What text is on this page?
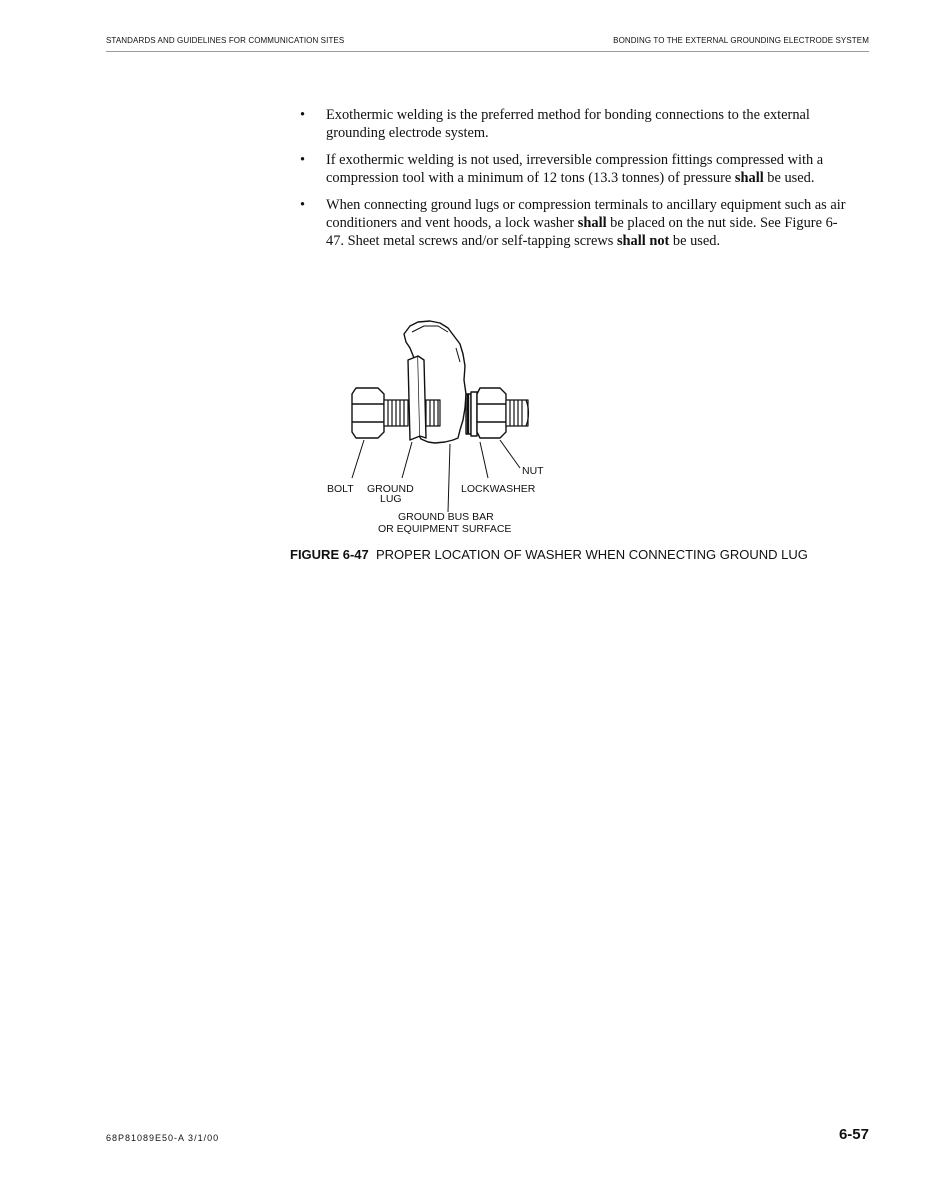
STANDARDS AND GUIDELINES FOR COMMUNICATION SITES	BONDING TO THE EXTERNAL GROUNDING ELECTRODE SYSTEM
• Exothermic welding is the preferred method for bonding connections to the external grounding electrode system.
• If exothermic welding is not used, irreversible compression fittings compressed with a compression tool with a minimum of 12 tons (13.3 tonnes) of pressure shall be used.
• When connecting ground lugs or compression terminals to ancillary equipment such as air conditioners and vent hoods, a lock washer shall be placed on the nut side. See Figure 6-47. Sheet metal screws and/or self-tapping screws shall not be used.
NUT
BOLT GROUND
LUG
LOCKWASHER
GROUND BUS BAR
OR EQUIPMENT SURFACE
FIGURE 6-47 PROPER LOCATION OF WASHER WHEN CONNECTING GROUND LUG
68P81089E50-A 3/1/00	6-57
